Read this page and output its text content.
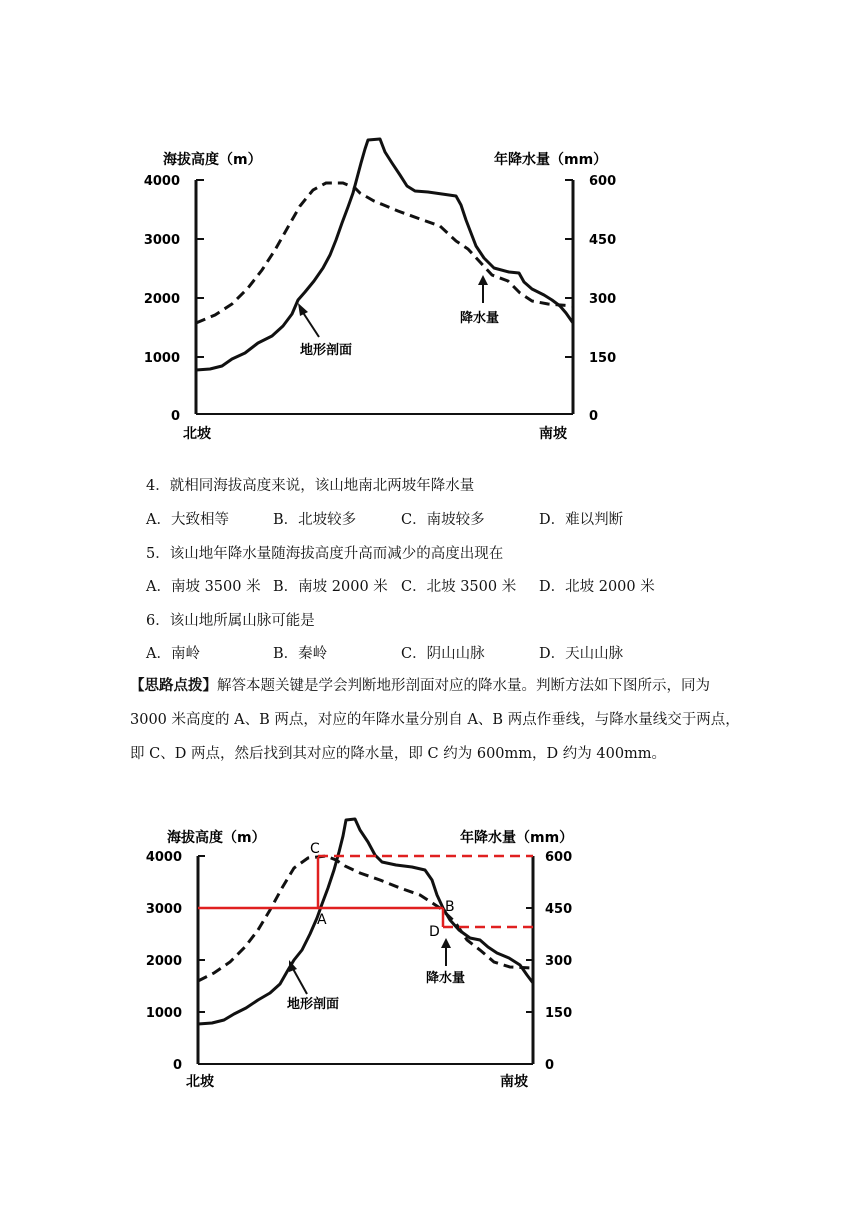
海拔高度（m）	年降水量（mm）
4000
3000
2000
1000
0
600
450
300
150
0
地形剖面
降水量
北坡	南坡
4．就相同海拔高度来说，该山地南北两坡年降水量
A．大致相等	B．北坡较多	C．南坡较多	D．难以判断
5．该山地年降水量随海拔高度升高而减少的高度出现在
A．南坡 3500 米 B．南坡 2000 米 C．北坡 3500 米 D．北坡 2000 米
6．该山地所属山脉可能是
A．南岭	B．秦岭	C．阴山山脉	D．天山山脉
【思路点拨】解答本题关键是学会判断地形剖面对应的降水量。判断方法如下图所示，同为 3000 米高度的 A、B 两点，对应的年降水量分别自 A、B 两点作垂线，与降水量线交于两点，即 C、D 两点，然后找到其对应的降水量，即 C 约为 600mm，D 约为 400mm。
海拔高度（m）	年降水量（mm）
4000
3000
2000
1000
0
600
450
300
150
0
地形剖面
降水量
A
B
C
D
北坡	南坡
